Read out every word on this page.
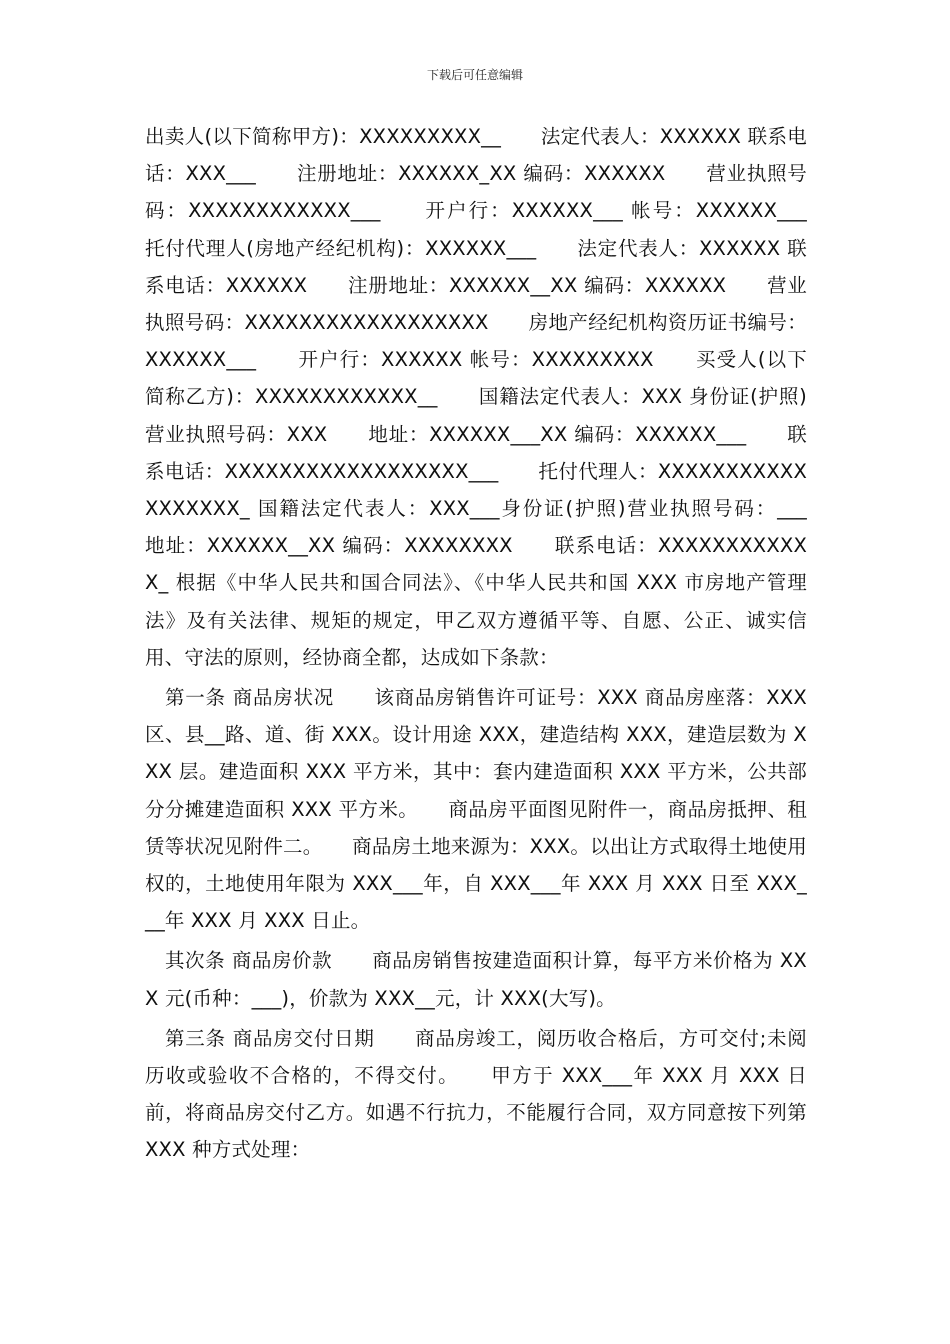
下载后可任意编辑

出卖人(以下简称甲方)：XXXXXXXXX__　　法定代表人：XXXXXX 联系电话：XXX___　　注册地址：XXXXXX_XX 编码：XXXXXX　　营业执照号码：XXXXXXXXXXXX___　　开户行：XXXXXX___ 帐号：XXXXXX___　　托付代理人(房地产经纪机构)：XXXXXX___　　法定代表人：XXXXXX 联系电话：XXXXXX　　注册地址：XXXXXX__XX 编码：XXXXXX　　营业执照号码：XXXXXXXXXXXXXXXXXX　　房地产经纪机构资历证书编号：XXXXXX___　　开户行：XXXXXX 帐号：XXXXXXXXX　　买受人(以下简称乙方)：XXXXXXXXXXXX__　　国籍法定代表人：XXX 身份证(护照)营业执照号码：XXX　　地址：XXXXXX___XX 编码：XXXXXX___　　联系电话：XXXXXXXXXXXXXXXXXX___　　托付代理人：XXXXXXXXXXXXXXXXXX_ 国籍法定代表人：XXX___身份证(护照)营业执照号码：___　　地址：XXXXXX__XX 编码：XXXXXXXX　　联系电话：XXXXXXXXXXXX_ 根据《中华人民共和国合同法》、《中华人民共和国 XXX 市房地产管理法》及有关法律、规矩的规定，甲乙双方遵循平等、自愿、公正、诚实信用、守法的原则，经协商全都，达成如下条款：

第一条 商品房状况　　该商品房销售许可证号：XXX 商品房座落：XXX 区、县__路、道、街 XXX。设计用途 XXX，建造结构 XXX，建造层数为 XXX 层。建造面积 XXX 平方米，其中：套内建造面积 XXX 平方米，公共部分分摊建造面积 XXX 平方米。　　商品房平面图见附件一，商品房抵押、租赁等状况见附件二。　　商品房土地来源为：XXX。以出让方式取得土地使用权的，土地使用年限为 XXX___年，自 XXX___年 XXX 月 XXX 日至 XXX___年 XXX 月 XXX 日止。

其次条 商品房价款　　商品房销售按建造面积计算，每平方米价格为 XXX 元(币种：___)，价款为 XXX__元，计 XXX(大写)。

第三条 商品房交付日期　　商品房竣工，阅历收合格后，方可交付;未阅历收或验收不合格的，不得交付。　　甲方于 XXX___年 XXX 月 XXX 日前，将商品房交付乙方。如遇不行抗力，不能履行合同，双方同意按下列第 XXX 种方式处理：
